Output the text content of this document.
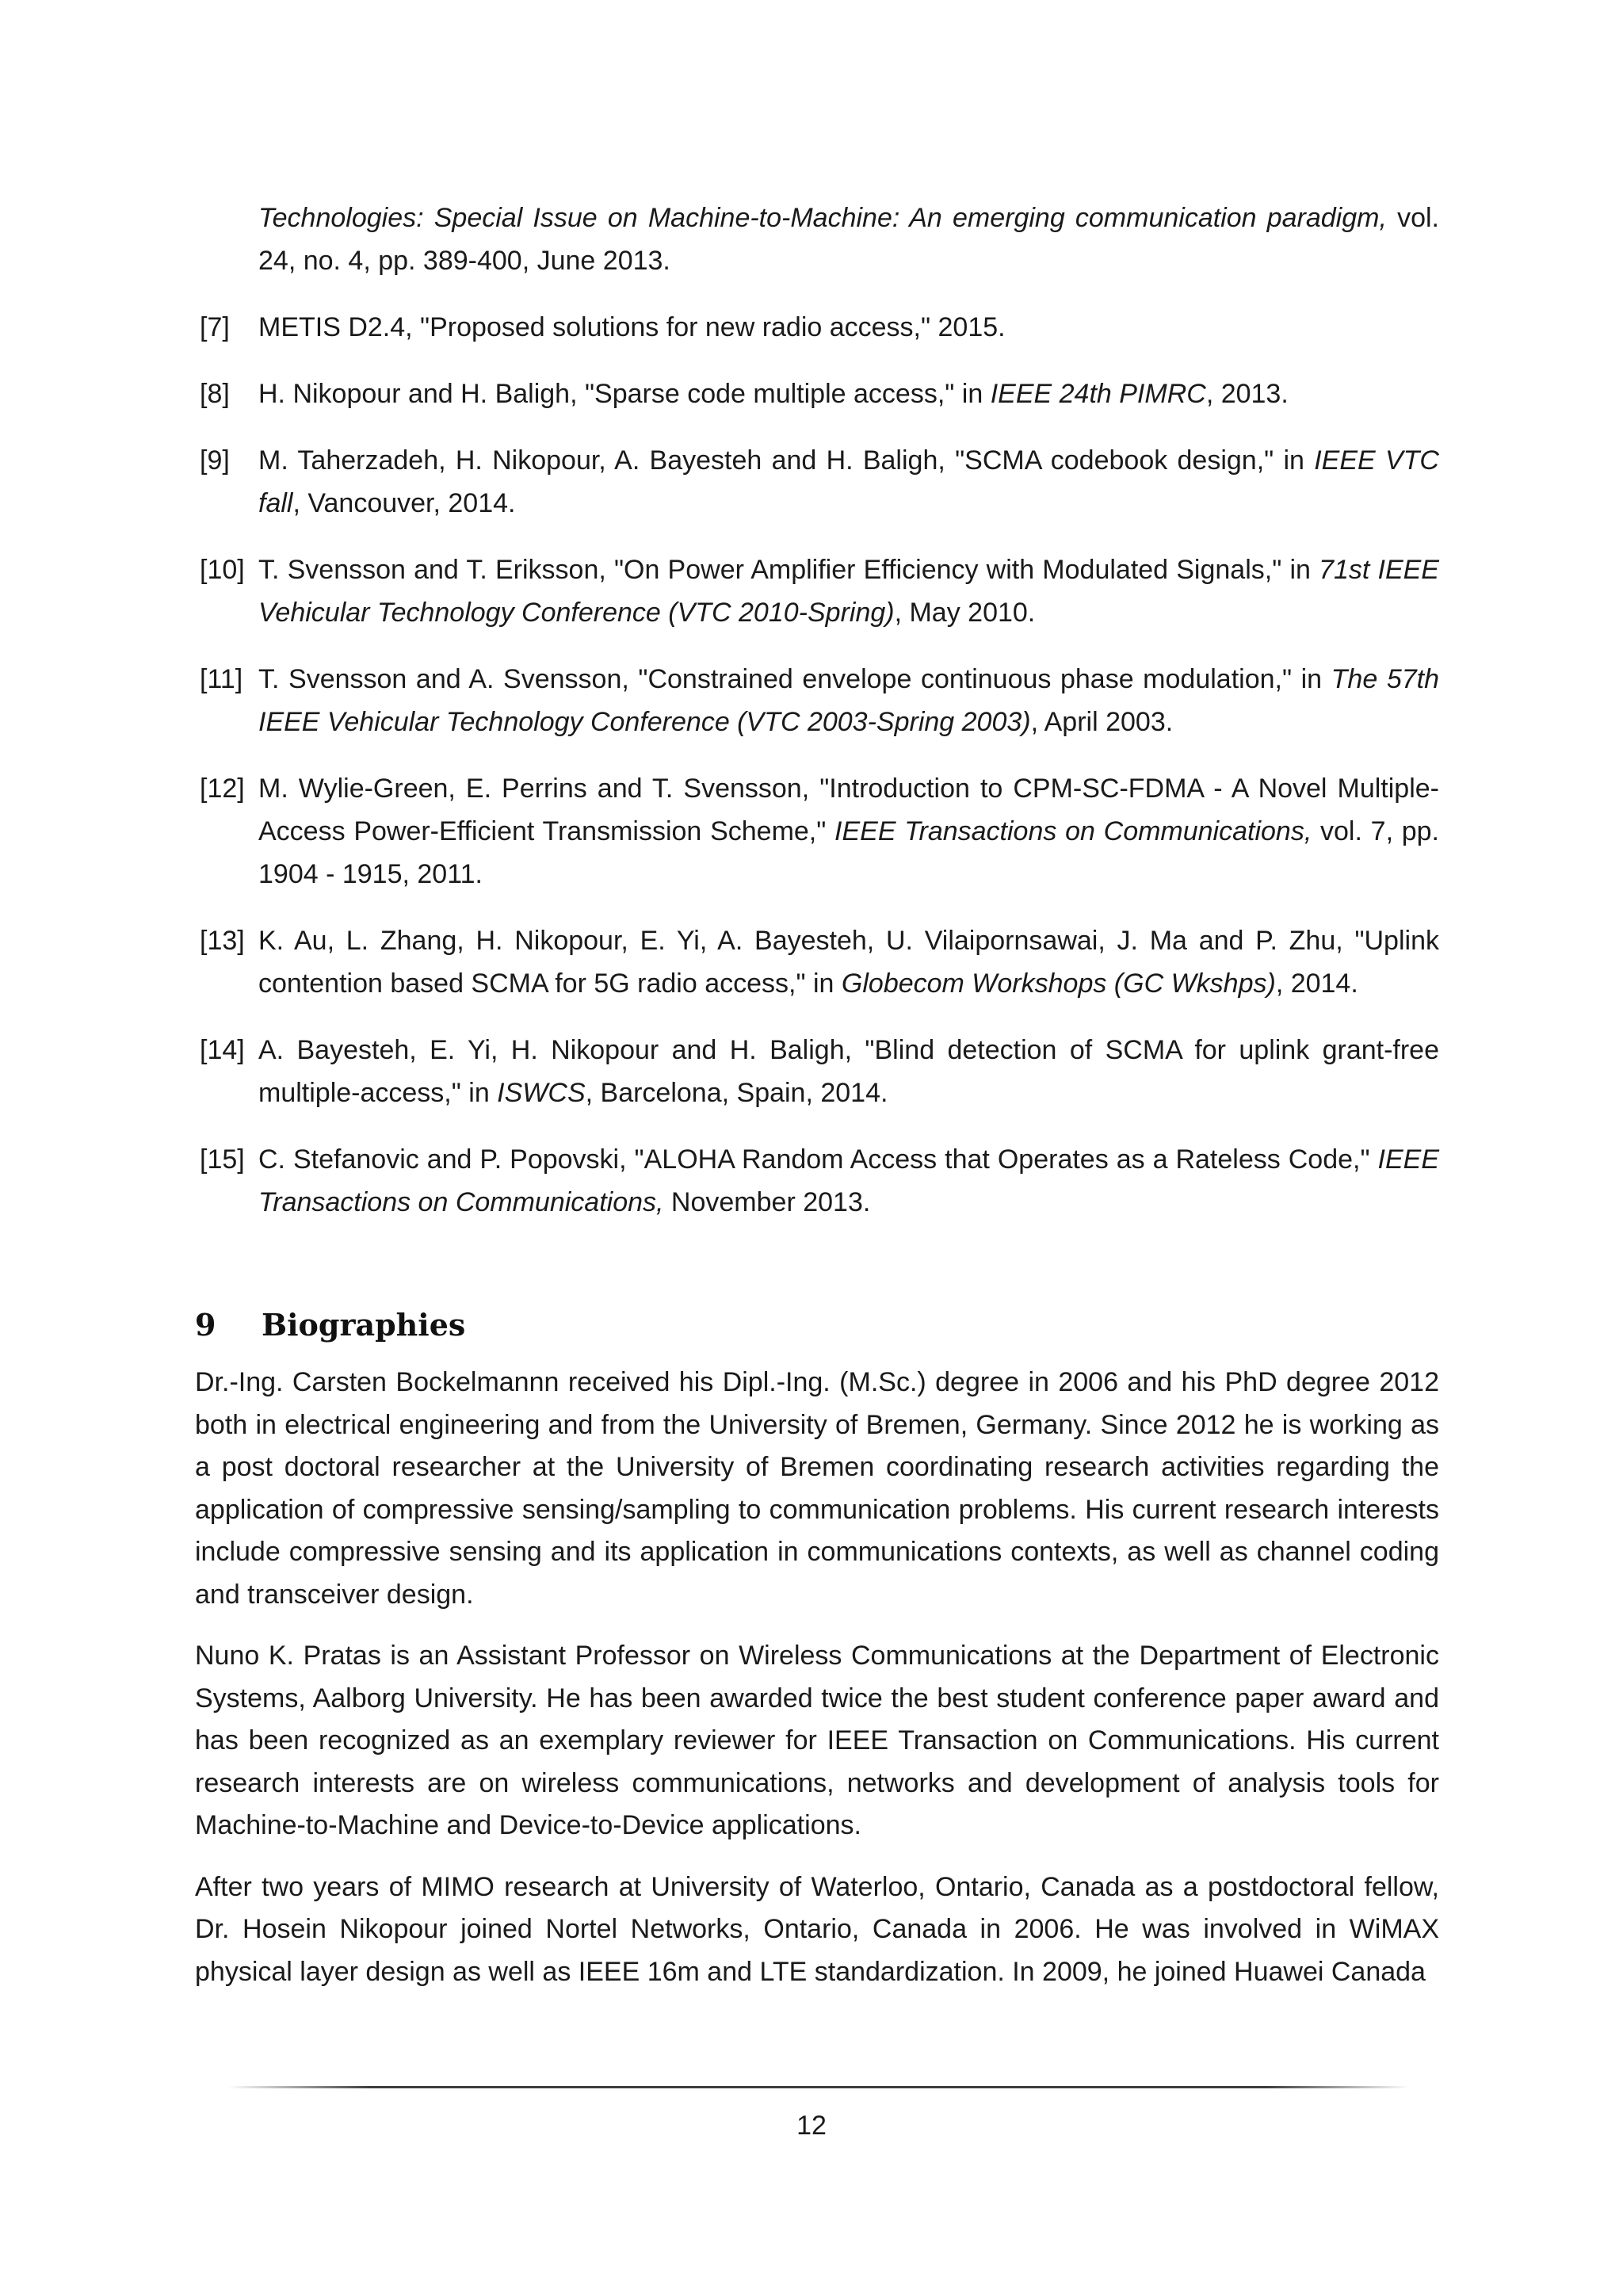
Technologies: Special Issue on Machine-to-Machine: An emerging communication paradigm, vol. 24, no. 4, pp. 389-400, June 2013.

[7] METIS D2.4, "Proposed solutions for new radio access," 2015.

[8] H. Nikopour and H. Baligh, "Sparse code multiple access," in IEEE 24th PIMRC, 2013.

[9] M. Taherzadeh, H. Nikopour, A. Bayesteh and H. Baligh, "SCMA codebook design," in IEEE VTC fall, Vancouver, 2014.

[10] T. Svensson and T. Eriksson, "On Power Amplifier Efficiency with Modulated Signals," in 71st IEEE Vehicular Technology Conference (VTC 2010-Spring), May 2010.

[11] T. Svensson and A. Svensson, "Constrained envelope continuous phase modulation," in The 57th IEEE Vehicular Technology Conference (VTC 2003-Spring 2003), April 2003.

[12] M. Wylie-Green, E. Perrins and T. Svensson, "Introduction to CPM-SC-FDMA - A Novel Multiple-Access Power-Efficient Transmission Scheme," IEEE Transactions on Communications, vol. 7, pp. 1904 - 1915, 2011.

[13] K. Au, L. Zhang, H. Nikopour, E. Yi, A. Bayesteh, U. Vilaipornsawai, J. Ma and P. Zhu, "Uplink contention based SCMA for 5G radio access," in Globecom Workshops (GC Wkshps), 2014.

[14] A. Bayesteh, E. Yi, H. Nikopour and H. Baligh, "Blind detection of SCMA for uplink grant-free multiple-access," in ISWCS, Barcelona, Spain, 2014.

[15] C. Stefanovic and P. Popovski, "ALOHA Random Access that Operates as a Rateless Code," IEEE Transactions on Communications, November 2013.

9 Biographies

Dr.-Ing. Carsten Bockelmannn received his Dipl.-Ing. (M.Sc.) degree in 2006 and his PhD degree 2012 both in electrical engineering and from the University of Bremen, Germany. Since 2012 he is working as a post doctoral researcher at the University of Bremen coordinating research activities regarding the application of compressive sensing/sampling to communication problems. His current research interests include compressive sensing and its application in communications contexts, as well as channel coding and transceiver design.

Nuno K. Pratas is an Assistant Professor on Wireless Communications at the Department of Electronic Systems, Aalborg University. He has been awarded twice the best student conference paper award and has been recognized as an exemplary reviewer for IEEE Transaction on Communications. His current research interests are on wireless communications, networks and development of analysis tools for Machine-to-Machine and Device-to-Device applications.

After two years of MIMO research at University of Waterloo, Ontario, Canada as a postdoctoral fellow, Dr. Hosein Nikopour joined Nortel Networks, Ontario, Canada in 2006. He was involved in WiMAX physical layer design as well as IEEE 16m and LTE standardization. In 2009, he joined Huawei Canada

12
